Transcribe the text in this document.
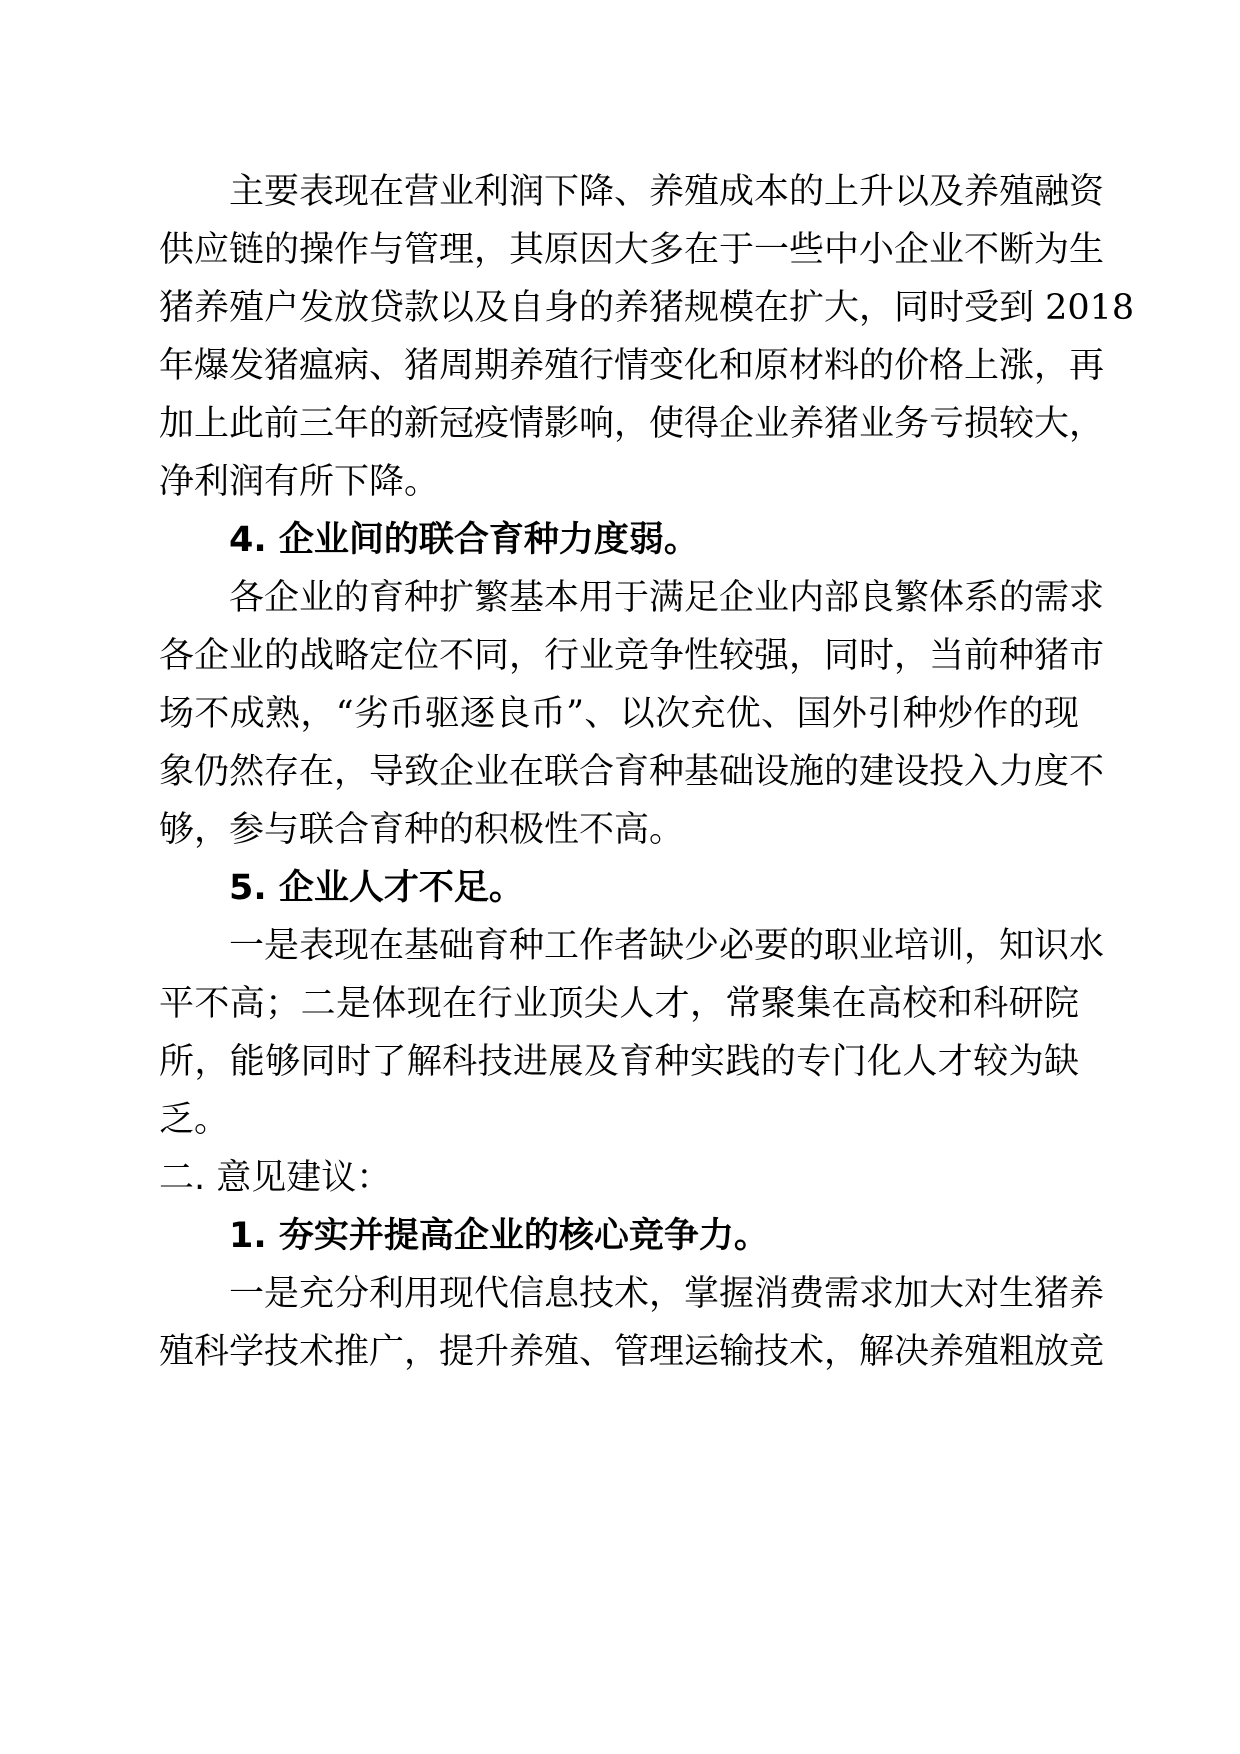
主要表现在营业利润下降、养殖成本的上升以及养殖融资

供应链的操作与管理，其原因大多在于一些中小企业不断为生

猪养殖户发放贷款以及自身的养猪规模在扩大，同时受到 2018

年爆发猪瘟病、猪周期养殖行情变化和原材料的价格上涨，再

加上此前三年的新冠疫情影响，使得企业养猪业务亏损较大，

净利润有所下降。

4. 企业间的联合育种力度弱。

各企业的育种扩繁基本用于满足企业内部良繁体系的需求

各企业的战略定位不同，行业竞争性较强，同时，当前种猪市

场不成熟，“劣币驱逐良币”、以次充优、国外引种炒作的现

象仍然存在，导致企业在联合育种基础设施的建设投入力度不

够，参与联合育种的积极性不高。

5. 企业人才不足。

一是表现在基础育种工作者缺少必要的职业培训，知识水

平不高；二是体现在行业顶尖人才，常聚集在高校和科研院

所，能够同时了解科技进展及育种实践的专门化人才较为缺

乏。

二. 意见建议：

1. 夯实并提高企业的核心竞争力。

一是充分利用现代信息技术，掌握消费需求加大对生猪养

殖科学技术推广，提升养殖、管理运输技术，解决养殖粗放竞
